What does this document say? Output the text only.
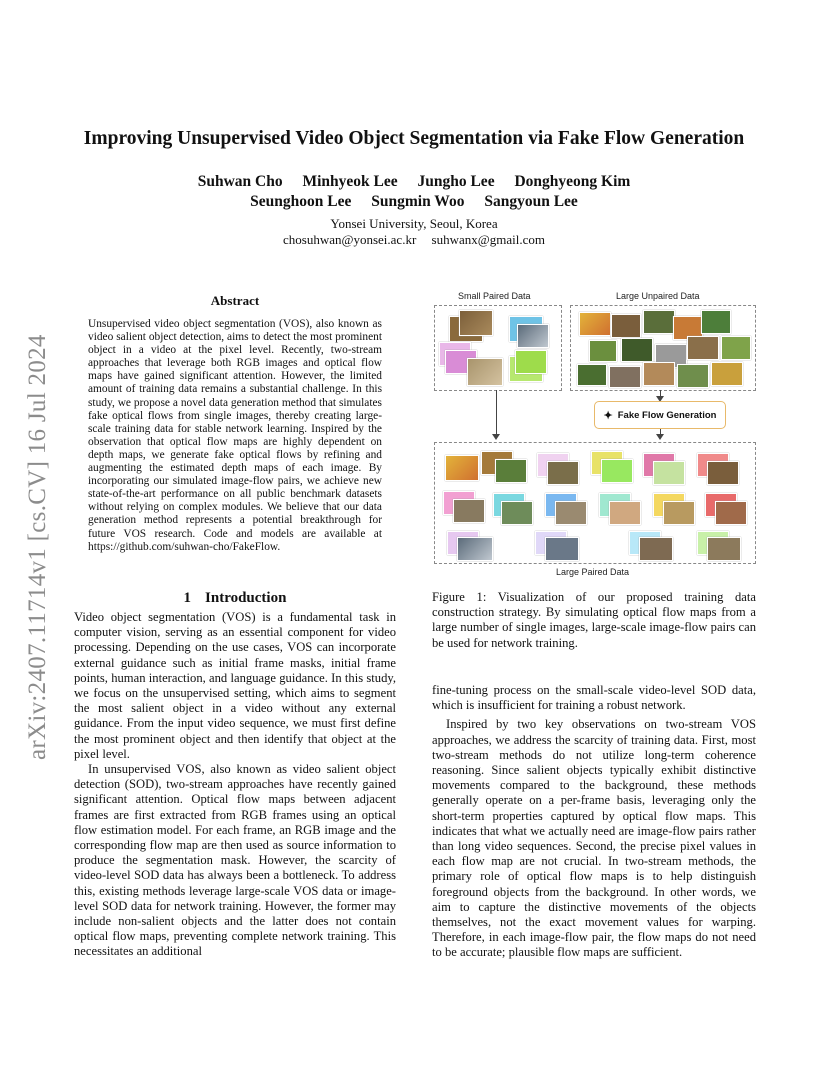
arXiv:2407.11714v1 [cs.CV] 16 Jul 2024
Improving Unsupervised Video Object Segmentation via Fake Flow Generation
Suhwan Cho Minhyeok Lee Jungho Lee Donghyeong Kim
Seunghoon Lee Sungmin Woo Sangyoun Lee
Yonsei University, Seoul, Korea
chosuhwan@yonsei.ac.kr suhwanx@gmail.com
Abstract
Unsupervised video object segmentation (VOS), also known as video salient object detection, aims to detect the most prominent object in a video at the pixel level. Recently, two-stream approaches that leverage both RGB images and optical flow maps have gained significant attention. However, the limited amount of training data remains a substantial challenge. In this study, we propose a novel data generation method that simulates fake optical flows from single images, thereby creating large-scale training data for stable network learning. Inspired by the observation that optical flow maps are highly dependent on depth maps, we generate fake optical flows by refining and augmenting the estimated depth maps of each image. By incorporating our simulated image-flow pairs, we achieve new state-of-the-art performance on all public benchmark datasets without relying on complex modules. We believe that our data generation method represents a potential breakthrough for future VOS research. Code and models are available at https://github.com/suhwan-cho/FakeFlow.
1 Introduction

Video object segmentation (VOS) is a fundamental task in computer vision, serving as an essential component for video processing. Depending on the use cases, VOS can incorporate external guidance such as initial frame masks, initial frame points, human interaction, and language guidance. In this study, we focus on the unsupervised setting, which aims to segment the most salient object in a video without any external guidance. From the input video sequence, we must first define the most prominent object and then identify that object at the pixel level.

In unsupervised VOS, also known as video salient object detection (SOD), two-stream approaches have recently gained significant attention. Optical flow maps between adjacent frames are first extracted from RGB frames using an optical flow estimation model. For each frame, an RGB image and the corresponding flow map are then used as source information to produce the segmentation mask. However, the scarcity of video-level SOD data has always been a bottleneck. To address this, existing methods leverage large-scale VOS data or image-level SOD data for network training. However, the former may include non-salient objects and the latter does not contain optical flow maps, preventing complete network training. This necessitates an additional

Small Paired Data	Large Unpaired Data
✦ Fake Flow Generation
Large Paired Data
Figure 1: Visualization of our proposed training data construction strategy. By simulating optical flow maps from a large number of single images, large-scale image-flow pairs can be used for network training.

fine-tuning process on the small-scale video-level SOD data, which is insufficient for training a robust network.

Inspired by two key observations on two-stream VOS approaches, we address the scarcity of training data. First, most two-stream methods do not utilize long-term coherence reasoning. Since salient objects typically exhibit distinctive movements compared to the background, these methods generally operate on a per-frame basis, leveraging only the short-term properties captured by optical flow maps. This indicates that what we actually need are image-flow pairs rather than long video sequences. Second, the precise pixel values in each flow map are not crucial. In two-stream methods, the primary role of optical flow maps is to help distinguish foreground objects from the background. In other words, we aim to capture the distinctive movements of the objects themselves, not the exact movement values for warping. Therefore, in each image-flow pair, the flow maps do not need to be accurate; plausible flow maps are sufficient.
